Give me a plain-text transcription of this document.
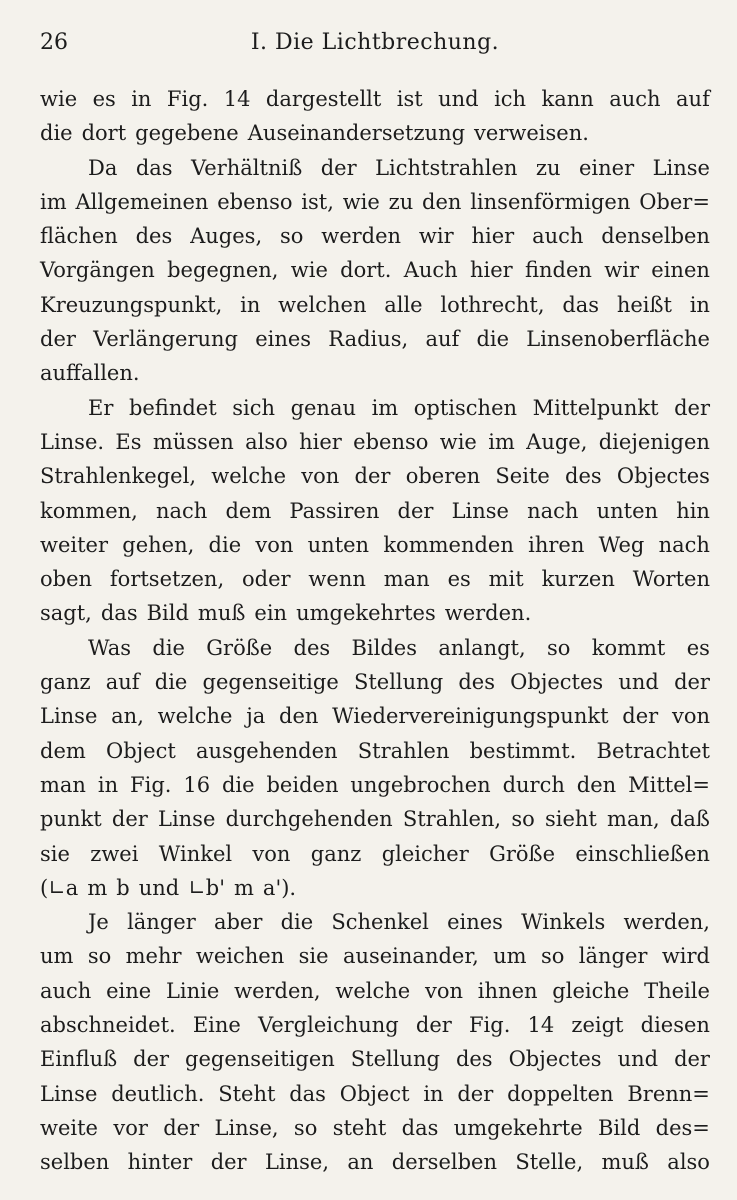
26	I. Die Lichtbrechung.
wie es in Fig. 14 dargestellt ist und ich kann auch auf
die dort gegebene Auseinandersetzung verweisen.
Da das Verhältniß der Lichtstrahlen zu einer Linse
im Allgemeinen ebenso ist, wie zu den linsenförmigen Ober=
flächen des Auges, so werden wir hier auch denselben
Vorgängen begegnen, wie dort. Auch hier finden wir einen
Kreuzungspunkt, in welchen alle lothrecht, das heißt in
der Verlängerung eines Radius, auf die Linsenoberfläche
auffallen.
Er befindet sich genau im optischen Mittelpunkt der
Linse. Es müssen also hier ebenso wie im Auge, diejenigen
Strahlenkegel, welche von der oberen Seite des Objectes
kommen, nach dem Passiren der Linse nach unten hin
weiter gehen, die von unten kommenden ihren Weg nach
oben fortsetzen, oder wenn man es mit kurzen Worten
sagt, das Bild muß ein umgekehrtes werden.
Was die Größe des Bildes anlangt, so kommt es
ganz auf die gegenseitige Stellung des Objectes und der
Linse an, welche ja den Wiedervereinigungspunkt der von
dem Object ausgehenden Strahlen bestimmt. Betrachtet
man in Fig. 16 die beiden ungebrochen durch den Mittel=
punkt der Linse durchgehenden Strahlen, so sieht man, daß
sie zwei Winkel von ganz gleicher Größe einschließen
(∟a m b und ∟b' m a').
Je länger aber die Schenkel eines Winkels werden,
um so mehr weichen sie auseinander, um so länger wird
auch eine Linie werden, welche von ihnen gleiche Theile
abschneidet. Eine Vergleichung der Fig. 14 zeigt diesen
Einfluß der gegenseitigen Stellung des Objectes und der
Linse deutlich. Steht das Object in der doppelten Brenn=
weite vor der Linse, so steht das umgekehrte Bild des=
selben hinter der Linse, an derselben Stelle, muß also
